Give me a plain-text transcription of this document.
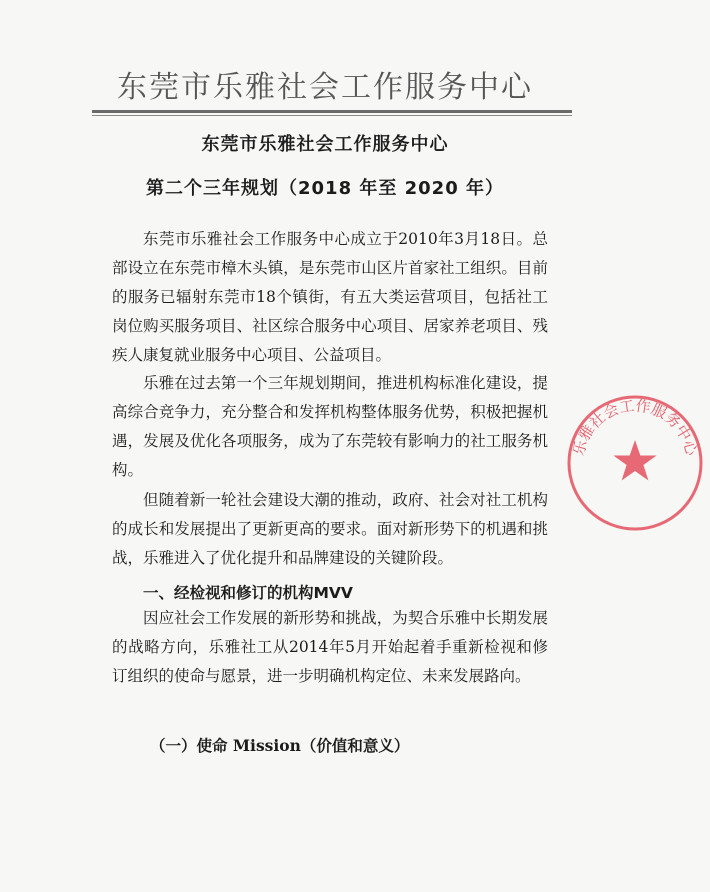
东莞市乐雅社会工作服务中心
东莞市乐雅社会工作服务中心
第二个三年规划（2018 年至 2020 年）

东莞市乐雅社会工作服务中心成立于2010年3月18日。总部设立在东莞市樟木头镇，是东莞市山区片首家社工组织。目前的服务已辐射东莞市18个镇街，有五大类运营项目，包括社工岗位购买服务项目、社区综合服务中心项目、居家养老项目、残疾人康复就业服务中心项目、公益项目。

乐雅在过去第一个三年规划期间，推进机构标准化建设，提高综合竞争力，充分整合和发挥机构整体服务优势，积极把握机遇，发展及优化各项服务，成为了东莞较有影响力的社工服务机构。

但随着新一轮社会建设大潮的推动，政府、社会对社工机构的成长和发展提出了更新更高的要求。面对新形势下的机遇和挑战，乐雅进入了优化提升和品牌建设的关键阶段。

一、经检视和修订的机构MVV

因应社会工作发展的新形势和挑战，为契合乐雅中长期发展的战略方向，乐雅社工从2014年5月开始起着手重新检视和修订组织的使命与愿景，进一步明确机构定位、未来发展路向。

（一）使命 Mission（价值和意义）
乐雅社会工作服务中心
